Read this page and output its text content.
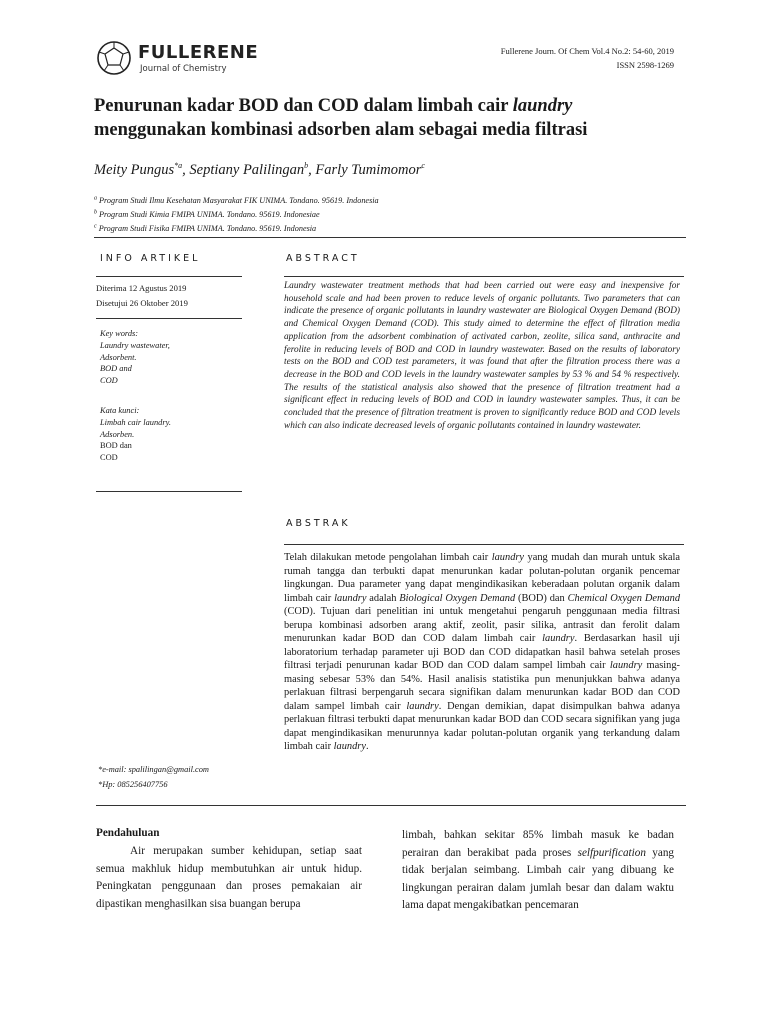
FULLERENE
Journal of Chemistry
Fullerene Journ. Of Chem Vol.4 No.2: 54-60, 2019
ISSN 2598-1269
Penurunan kadar BOD dan COD dalam limbah cair laundry
menggunakan kombinasi adsorben alam sebagai media filtrasi
Meity Pungus$^{*a}$, Septiany Palilingan$^b$, Farly Tumimomor$^c$
$^a$ Program Studi Ilmu Kesehatan Masyarakat FIK UNIMA. Tondano. 95619. Indonesia
$^b$ Program Studi Kimia FMIPA UNIMA. Tondano. 95619. Indonesiae
$^c$ Program Studi Fisika FMIPA UNIMA. Tondano. 95619. Indonesia
INFO ARTIKEL
Diterima 12 Agustus 2019
Disetujui 26 Oktober 2019
Key words:
Laundry wastewater,
Adsorbent.
BOD and
COD
Kata kunci:
Limbah cair laundry.
Adsorben.
BOD dan
COD
ABSTRACT
Laundry wastewater treatment methods that had been carried out were easy and inexpensive for household scale and had been proven to reduce levels of organic pollutants. Two parameters that can indicate the presence of organic pollutants in laundry wastewater are Biological Oxygen Demand (BOD) and Chemical Oxygen Demand (COD). This study aimed to determine the effect of filtration media application from the adsorbent combination of activated carbon, zeolite, silica sand, anthracite and ferolite in reducing levels of BOD and COD in laundry wastewater. Based on the results of laboratory tests on the BOD and COD test parameters, it was found that after the filtration process there was a decrease in the BOD and COD levels in the laundry wastewater samples by 53 % and 54 % respectively. The results of the statistical analysis also showed that the presence of filtration treatment had a significant effect in reducing levels of BOD and COD in laundry wastewater samples. Thus, it can be concluded that the presence of filtration treatment is proven to significantly reduce BOD and COD levels which can also indicate decreased levels of organic pollutants contained in laundry wastewater.
ABSTRAK
Telah dilakukan metode pengolahan limbah cair laundry yang mudah dan murah untuk skala rumah tangga dan terbukti dapat menurunkan kadar polutan-polutan organik pencemar lingkungan. Dua parameter yang dapat mengindikasikan keberadaan polutan organik dalam limbah cair laundry adalah Biological Oxygen Demand (BOD) dan Chemical Oxygen Demand (COD). Tujuan dari penelitian ini untuk mengetahui pengaruh penggunaan media filtrasi berupa kombinasi adsorben arang aktif, zeolit, pasir silika, antrasit dan ferolit dalam menurunkan kadar BOD dan COD dalam limbah cair laundry. Berdasarkan hasil uji laboratorium terhadap parameter uji BOD dan COD didapatkan hasil bahwa setelah proses filtrasi terjadi penurunan kadar BOD dan COD dalam sampel limbah cair laundry masing-masing sebesar 53% dan 54%. Hasil analisis statistika pun menunjukkan bahwa adanya perlakuan filtrasi berpengaruh secara signifikan dalam menurunkan kadar BOD dan COD dalam sampel limbah cair laundry. Dengan demikian, dapat disimpulkan bahwa adanya perlakuan filtrasi terbukti dapat menurunkan kadar BOD dan COD secara signifikan yang juga dapat mengindikasikan menurunnya kadar polutan-polutan organik yang terkandung dalam limbah cair laundry.
*e-mail: spalilingan@gmail.com
*Hp: 085256407756
Pendahuluan
Air merupakan sumber kehidupan, setiap saat semua makhluk hidup membutuhkan air untuk hidup. Peningkatan penggunaan dan proses pemakaian air dipastikan menghasilkan sisa buangan berupa
limbah, bahkan sekitar 85% limbah masuk ke badan perairan dan berakibat pada proses selfpurification yang tidak berjalan seimbang. Limbah cair yang dibuang ke lingkungan perairan dalam jumlah besar dan dalam waktu lama dapat mengakibatkan pencemaran
